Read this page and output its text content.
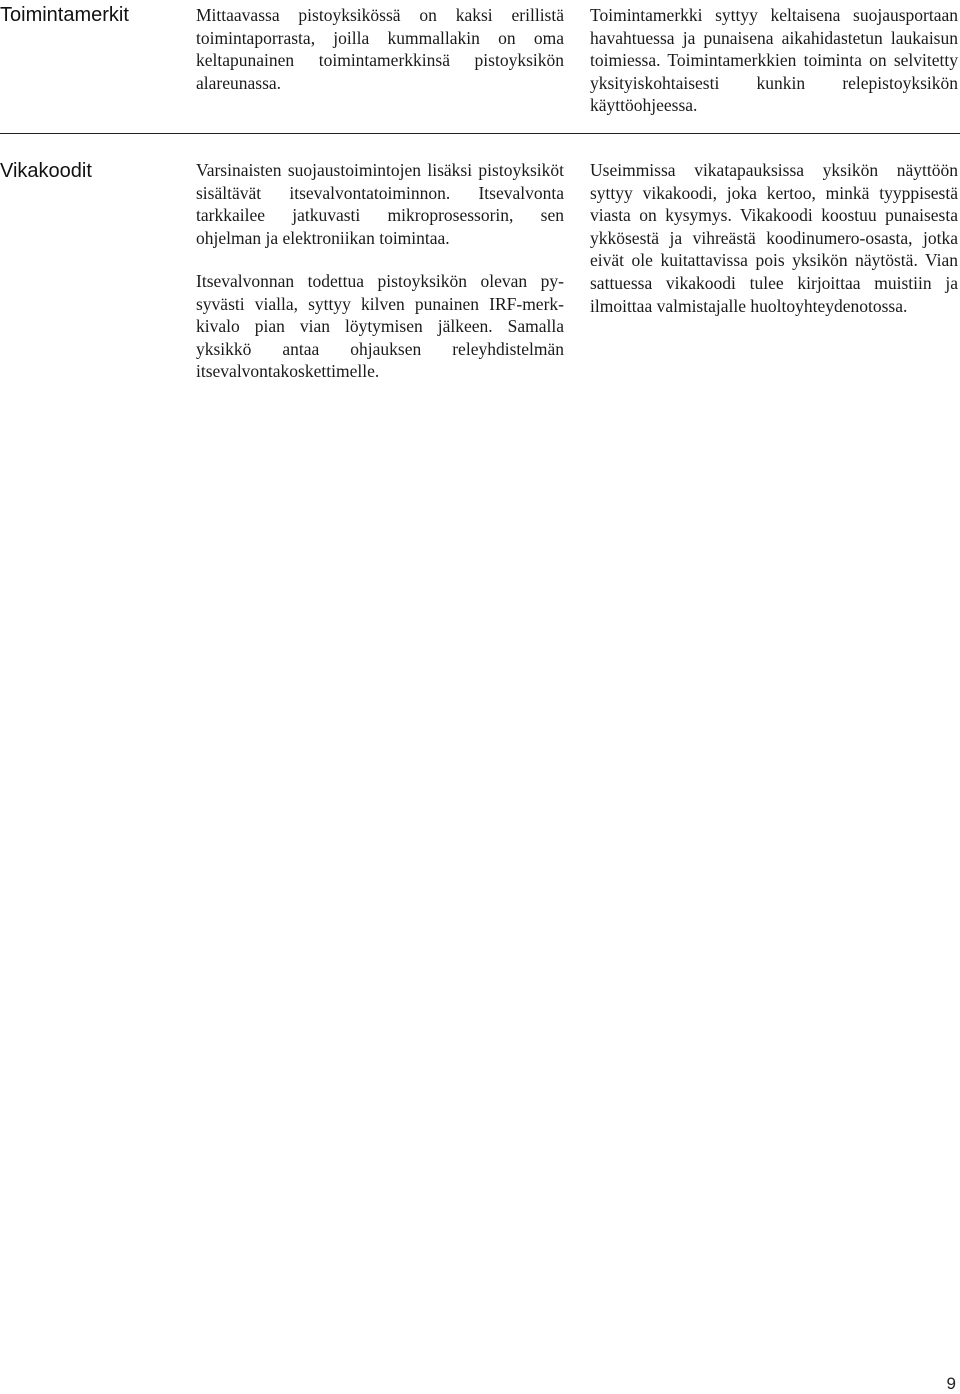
Toimintamerkit	Mittaavassa pistoyksikössä on kaksi erillistä toimintaporrasta, joilla kummallakin on oma keltapunainen toimintamerkkinsä pistoyksikön alareunassa.

Toimintamerkki syttyy keltaisena suojausportaan havahtuessa ja punaisena aikahidastetun laukaisun toimiessa. Toimintamerkkien toiminta on selvitetty yksityiskohtaisesti kunkin relepistoyksikön käyttöohjeessa.

Vikakoodit	Varsinaisten suojaustoimintojen lisäksi pistoyksiköt sisältävät itsevalvontatoiminnon. Itsevalvonta tarkkailee jatkuvasti mikroprosessorin, sen ohjelman ja elektroniikan toimintaa.

Itsevalvonnan todettua pistoyksikön olevan pysyvästi vialla, syttyy kilven punainen IRF-merkkivalo pian vian löytymisen jälkeen. Samalla yksikkö antaa ohjauksen releyhdistelmän itsevalvontakoskettimelle.

Useimmissa vikatapauksissa yksikön näyttöön syttyy vikakoodi, joka kertoo, minkä tyyppisestä viasta on kysymys. Vikakoodi koostuu punaisesta ykkösestä ja vihreästä koodinumero-osasta, jotka eivät ole kuitattavissa pois yksikön näytöstä. Vian sattuessa vikakoodi tulee kirjoittaa muistiin ja ilmoittaa valmistajalle huoltoyhteydenotossa.

9
